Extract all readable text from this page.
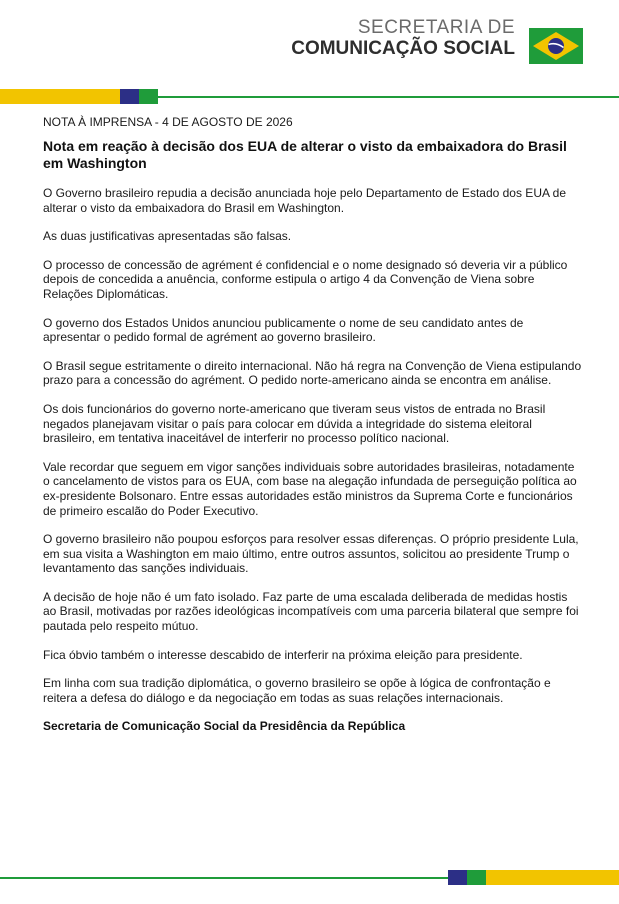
SECRETARIA DE
COMUNICAÇÃO SOCIAL

NOTA À IMPRENSA - 4 DE AGOSTO DE 2026

Nota em reação à decisão dos EUA de alterar o visto da embaixadora do Brasil em Washington

O Governo brasileiro repudia a decisão anunciada hoje pelo Departamento de Estado dos EUA de alterar o visto da embaixadora do Brasil em Washington.

As duas justificativas apresentadas são falsas.

O processo de concessão de agrément é confidencial e o nome designado só deveria vir a público depois de concedida a anuência, conforme estipula o artigo 4 da Convenção de Viena sobre Relações Diplomáticas.

O governo dos Estados Unidos anunciou publicamente o nome de seu candidato antes de apresentar o pedido formal de agrément ao governo brasileiro.

O Brasil segue estritamente o direito internacional. Não há regra na Convenção de Viena estipulando prazo para a concessão do agrément. O pedido norte-americano ainda se encontra em análise.

Os dois funcionários do governo norte-americano que tiveram seus vistos de entrada no Brasil negados planejavam visitar o país para colocar em dúvida a integridade do sistema eleitoral brasileiro, em tentativa inaceitável de interferir no processo político nacional.

Vale recordar que seguem em vigor sanções individuais sobre autoridades brasileiras, notadamente o cancelamento de vistos para os EUA, com base na alegação infundada de perseguição política ao ex-presidente Bolsonaro. Entre essas autoridades estão ministros da Suprema Corte e funcionários de primeiro escalão do Poder Executivo.

O governo brasileiro não poupou esforços para resolver essas diferenças. O próprio presidente Lula, em sua visita a Washington em maio último, entre outros assuntos, solicitou ao presidente Trump o levantamento das sanções individuais.

A decisão de hoje não é um fato isolado. Faz parte de uma escalada deliberada de medidas hostis ao Brasil, motivadas por razões ideológicas incompatíveis com uma parceria bilateral que sempre foi pautada pelo respeito mútuo.

Fica óbvio também o interesse descabido de interferir na próxima eleição para presidente.

Em linha com sua tradição diplomática, o governo brasileiro se opõe à lógica de confrontação e reitera a defesa do diálogo e da negociação em todas as suas relações internacionais.

Secretaria de Comunicação Social da Presidência da República
